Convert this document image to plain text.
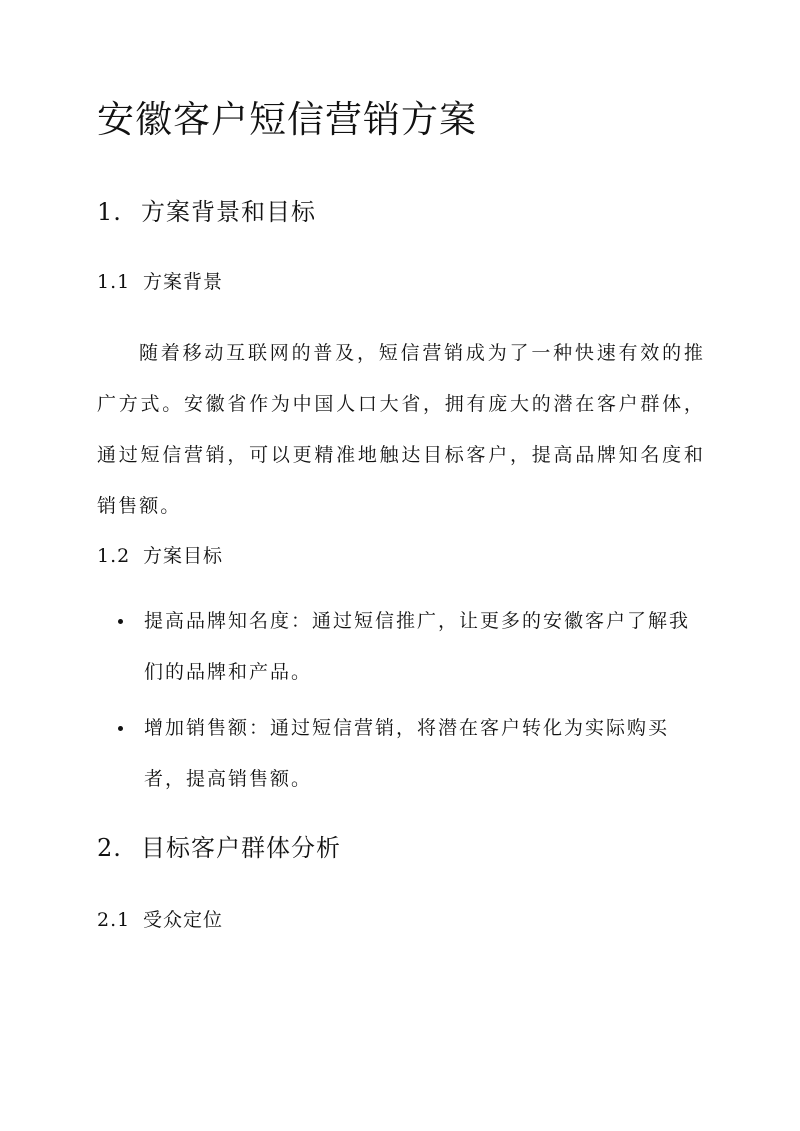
安徽客户短信营销方案
1. 方案背景和目标
1.1 方案背景

随着移动互联网的普及，短信营销成为了一种快速有效的推广方式。安徽省作为中国人口大省，拥有庞大的潜在客户群体，通过短信营销，可以更精准地触达目标客户，提高品牌知名度和销售额。

1.2 方案目标
提高品牌知名度：通过短信推广，让更多的安徽客户了解我们的品牌和产品。
增加销售额：通过短信营销，将潜在客户转化为实际购买者，提高销售额。
2. 目标客户群体分析
2.1 受众定位
